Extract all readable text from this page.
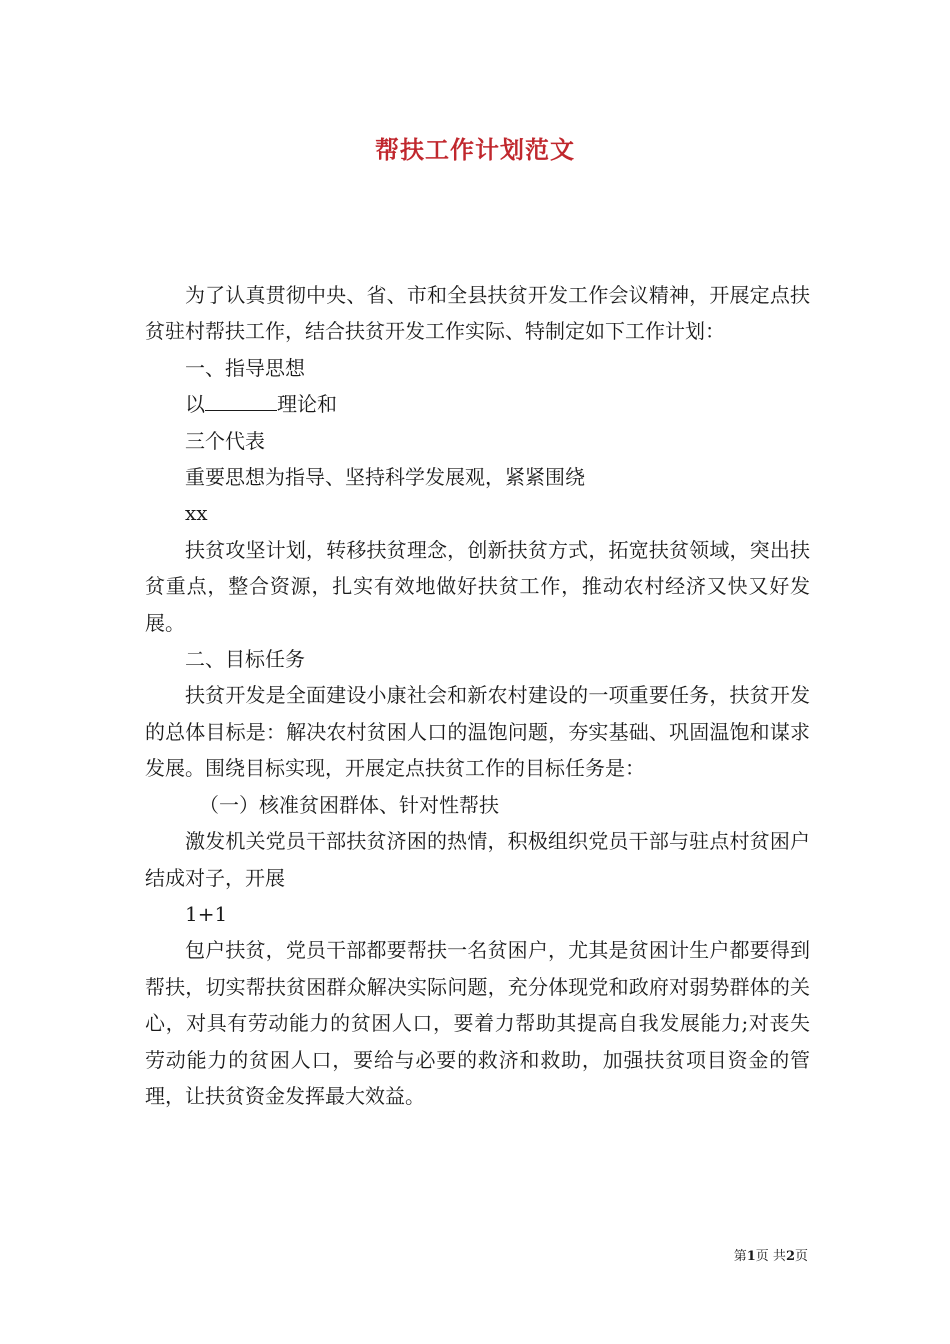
帮扶工作计划范文

为了认真贯彻中央、省、市和全县扶贫开发工作会议精神，开展定点扶贫驻村帮扶工作，结合扶贫开发工作实际、特制定如下工作计划：

一、指导思想

以	理论和

三个代表

重要思想为指导、坚持科学发展观，紧紧围绕

xx

扶贫攻坚计划，转移扶贫理念，创新扶贫方式，拓宽扶贫领域，突出扶贫重点，整合资源，扎实有效地做好扶贫工作，推动农村经济又快又好发展。

二、目标任务

扶贫开发是全面建设小康社会和新农村建设的一项重要任务，扶贫开发的总体目标是：解决农村贫困人口的温饱问题，夯实基础、巩固温饱和谋求发展。围绕目标实现，开展定点扶贫工作的目标任务是：

（一）核准贫困群体、针对性帮扶

激发机关党员干部扶贫济困的热情，积极组织党员干部与驻点村贫困户结成对子，开展

1+1

包户扶贫，党员干部都要帮扶一名贫困户，尤其是贫困计生户都要得到帮扶，切实帮扶贫困群众解决实际问题，充分体现党和政府对弱势群体的关心，对具有劳动能力的贫困人口，要着力帮助其提高自我发展能力;对丧失劳动能力的贫困人口，要给与必要的救济和救助，加强扶贫项目资金的管理，让扶贫资金发挥最大效益。

第1页 共2页
